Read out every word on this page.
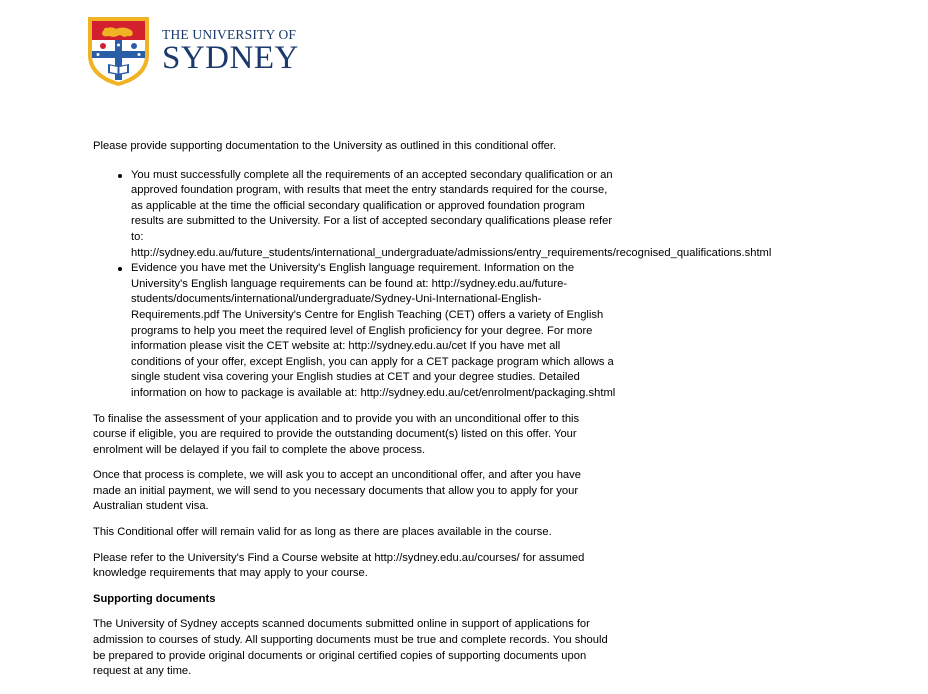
THE UNIVERSITY OF
SYDNEY

Please provide supporting documentation to the University as outlined in this conditional offer.

You must successfully complete all the requirements of an accepted secondary qualification or an
approved foundation program, with results that meet the entry standards required for the course,
as applicable at the time the official secondary qualification or approved foundation program
results are submitted to the University. For a list of accepted secondary qualifications please refer
to:
http://sydney.edu.au/future_students/international_undergraduate/admissions/entry_requirements/recognised_qualifications.shtml
Evidence you have met the University's English language requirement. Information on the
University's English language requirements can be found at: http://sydney.edu.au/future-
students/documents/international/undergraduate/Sydney-Uni-International-English-
Requirements.pdf The University's Centre for English Teaching (CET) offers a variety of English
programs to help you meet the required level of English proficiency for your degree. For more
information please visit the CET website at: http://sydney.edu.au/cet If you have met all
conditions of your offer, except English, you can apply for a CET package program which allows a
single student visa covering your English studies at CET and your degree studies. Detailed
information on how to package is available at: http://sydney.edu.au/cet/enrolment/packaging.shtml

To finalise the assessment of your application and to provide you with an unconditional offer to this
course if eligible, you are required to provide the outstanding document(s) listed on this offer. Your
enrolment will be delayed if you fail to complete the above process.

Once that process is complete, we will ask you to accept an unconditional offer, and after you have
made an initial payment, we will send to you necessary documents that allow you to apply for your
Australian student visa.

This Conditional offer will remain valid for as long as there are places available in the course.

Please refer to the University's Find a Course website at http://sydney.edu.au/courses/ for assumed
knowledge requirements that may apply to your course.

Supporting documents

The University of Sydney accepts scanned documents submitted online in support of applications for
admission to courses of study. All supporting documents must be true and complete records. You should
be prepared to provide original documents or original certified copies of supporting documents upon
request at any time.
